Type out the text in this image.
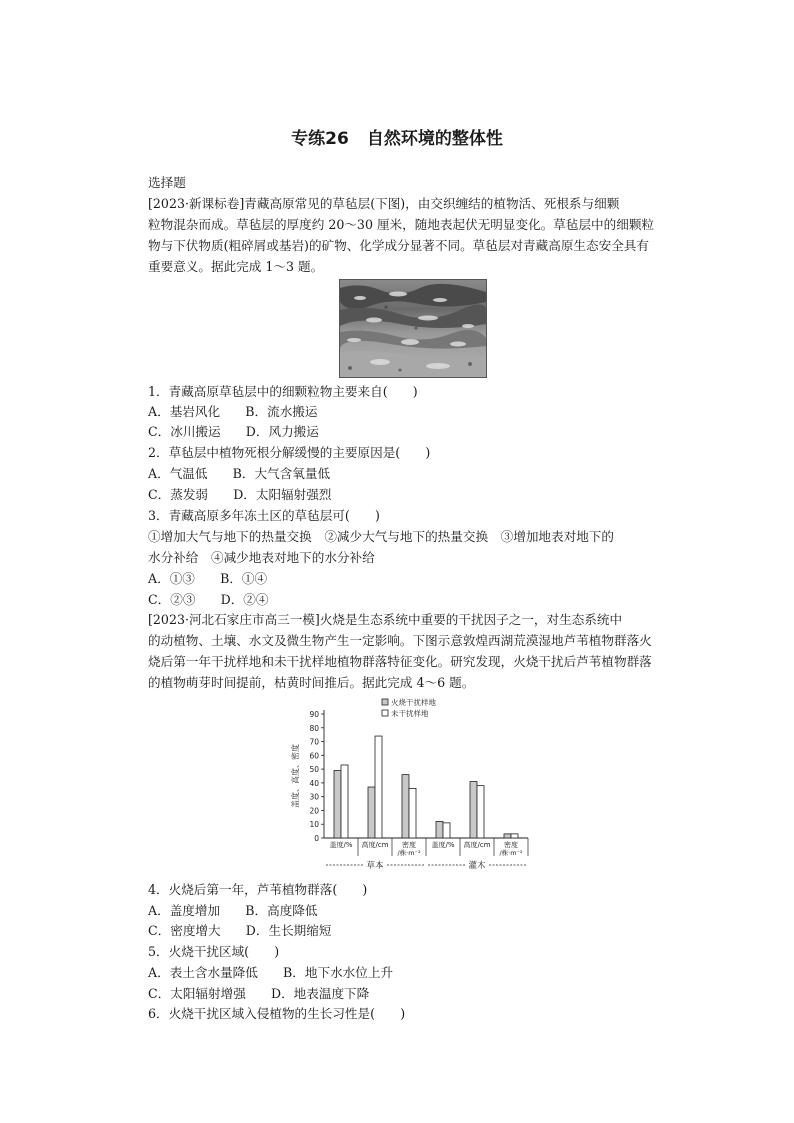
专练26 自然环境的整体性
选择题
[2023·新课标卷]青藏高原常见的草毡层(下图)，由交织缠结的植物活、死根系与细颗
粒物混杂而成。草毡层的厚度约 20～30 厘米，随地表起伏无明显变化。草毡层中的细颗粒
物与下伏物质(粗碎屑或基岩)的矿物、化学成分显著不同。草毡层对青藏高原生态安全具有
重要意义。据此完成 1～3 题。
1．青藏高原草毡层中的细颗粒物主要来自(　　)
A．基岩风化　　B．流水搬运
C．冰川搬运　　D．风力搬运
2．草毡层中植物死根分解缓慢的主要原因是(　　)
A．气温低　　B．大气含氧量低
C．蒸发弱　　D．太阳辐射强烈
3．青藏高原多年冻土区的草毡层可(　　)
①增加大气与地下的热量交换　②减少大气与地下的热量交换　③增加地表对地下的
水分补给　④减少地表对地下的水分补给
A．①③　　B．①④
C．②③　　D．②④
[2023·河北石家庄市高三一模]火烧是生态系统中重要的干扰因子之一，对生态系统中
的动植物、土壤、水文及微生物产生一定影响。下图示意敦煌西湖荒漠湿地芦苇植物群落火
烧后第一年干扰样地和未干扰样地植物群落特征变化。研究发现，火烧干扰后芦苇植物群落
的植物萌芽时间提前，枯黄时间推后。据此完成 4～6 题。
0
10
20
30
40
50
60
70
80
90
盖度、高度、密度
盖度/% 高度/cm 密度
/株·m⁻²
盖度/% 高度/cm 密度
/株·m⁻²
草本	灌木
火烧干扰样地
未干扰样地
4．火烧后第一年，芦苇植物群落(　　)
A．盖度增加　　B．高度降低
C．密度增大　　D．生长期缩短
5．火烧干扰区域(　　)
A．表土含水量降低　　B．地下水水位上升
C．太阳辐射增强　　D．地表温度下降
6．火烧干扰区域入侵植物的生长习性是(　　)
